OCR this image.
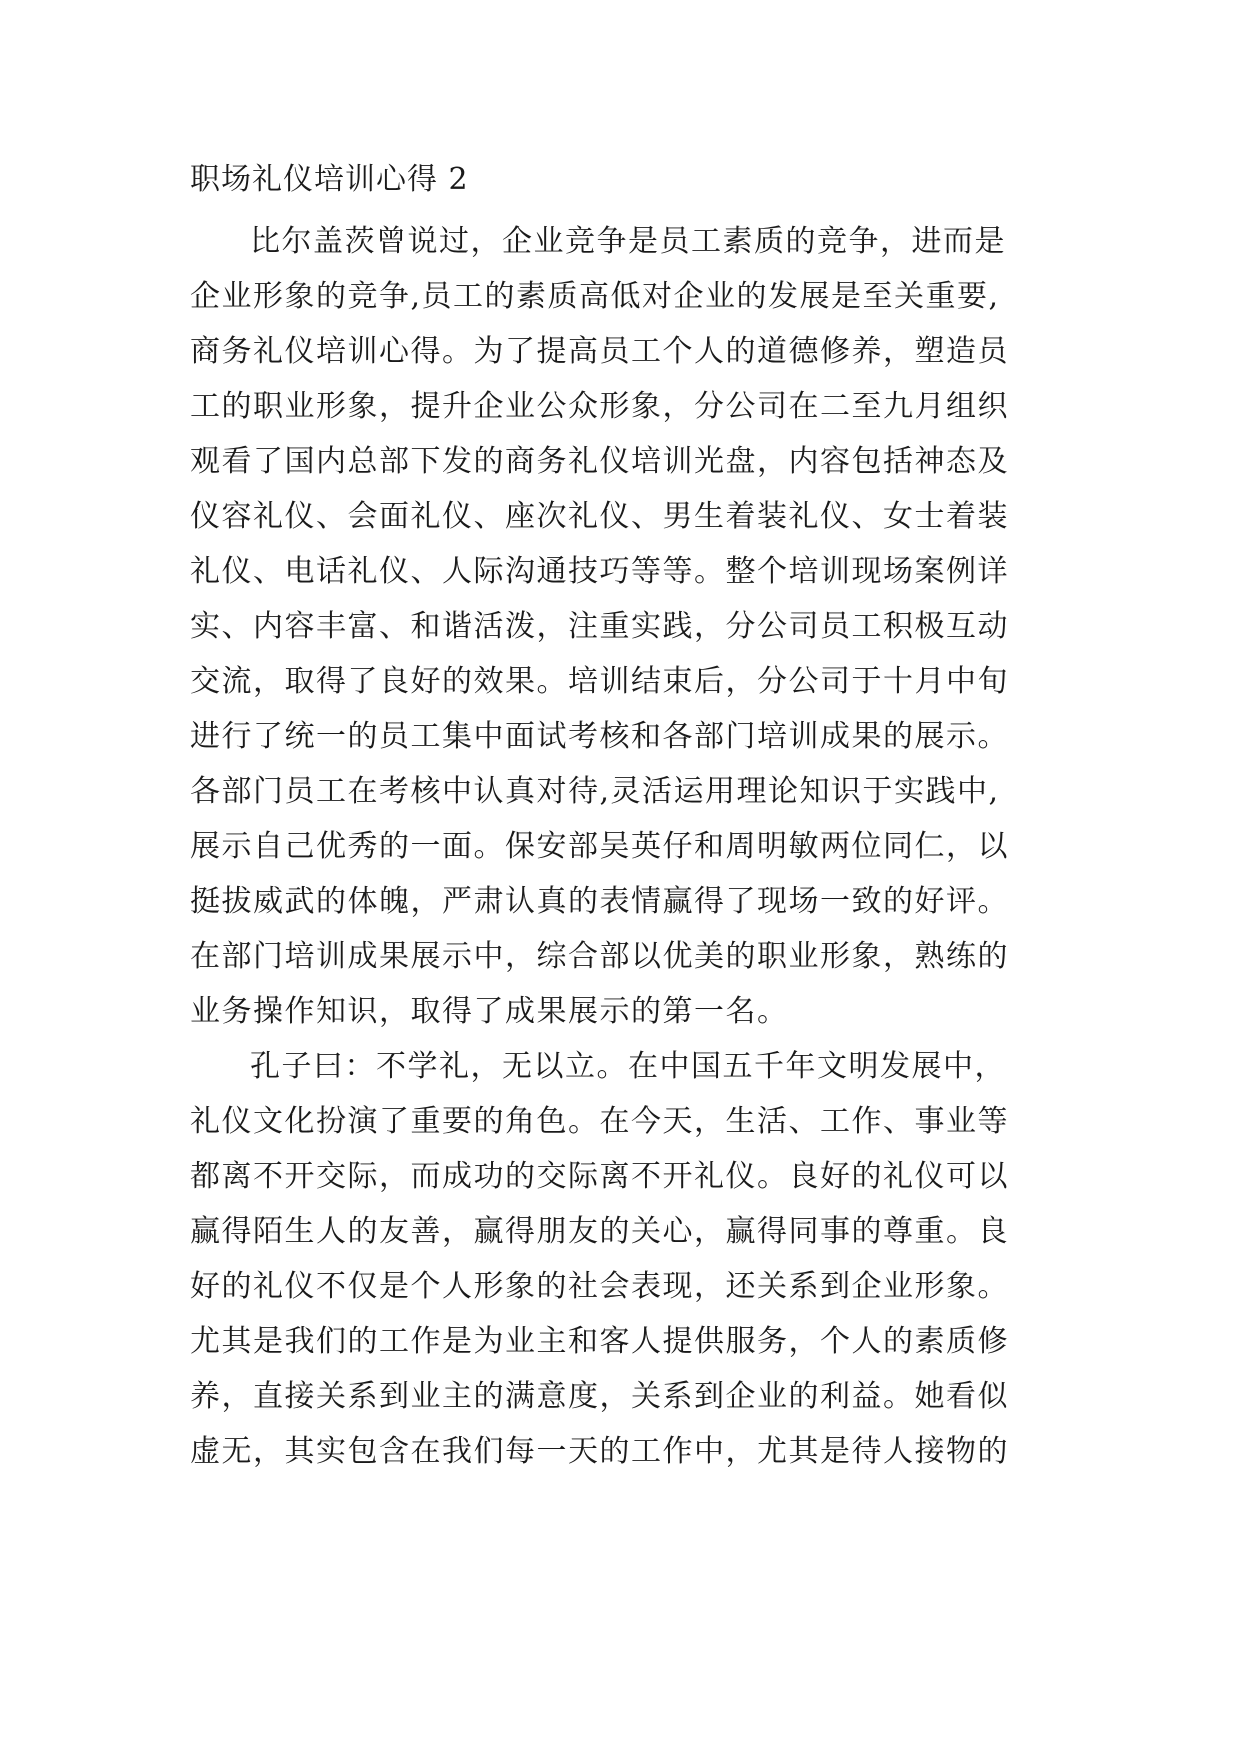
职场礼仪培训心得 2
比尔盖茨曾说过，企业竞争是员工素质的竞争，进而是
企业形象的竞争,员工的素质高低对企业的发展是至关重要,
商务礼仪培训心得。为了提高员工个人的道德修养，塑造员
工的职业形象，提升企业公众形象，分公司在二至九月组织
观看了国内总部下发的商务礼仪培训光盘，内容包括神态及
仪容礼仪、会面礼仪、座次礼仪、男生着装礼仪、女士着装
礼仪、电话礼仪、人际沟通技巧等等。整个培训现场案例详
实、内容丰富、和谐活泼，注重实践，分公司员工积极互动
交流，取得了良好的效果。培训结束后，分公司于十月中旬
进行了统一的员工集中面试考核和各部门培训成果的展示。
各部门员工在考核中认真对待,灵活运用理论知识于实践中,
展示自己优秀的一面。保安部吴英仔和周明敏两位同仁，以
挺拔威武的体魄，严肃认真的表情赢得了现场一致的好评。
在部门培训成果展示中，综合部以优美的职业形象，熟练的
业务操作知识，取得了成果展示的第一名。
孔子曰：不学礼，无以立。在中国五千年文明发展中，
礼仪文化扮演了重要的角色。在今天，生活、工作、事业等
都离不开交际，而成功的交际离不开礼仪。良好的礼仪可以
赢得陌生人的友善，赢得朋友的关心，赢得同事的尊重。良
好的礼仪不仅是个人形象的社会表现，还关系到企业形象。
尤其是我们的工作是为业主和客人提供服务，个人的素质修
养，直接关系到业主的满意度，关系到企业的利益。她看似
虚无，其实包含在我们每一天的工作中，尤其是待人接物的
